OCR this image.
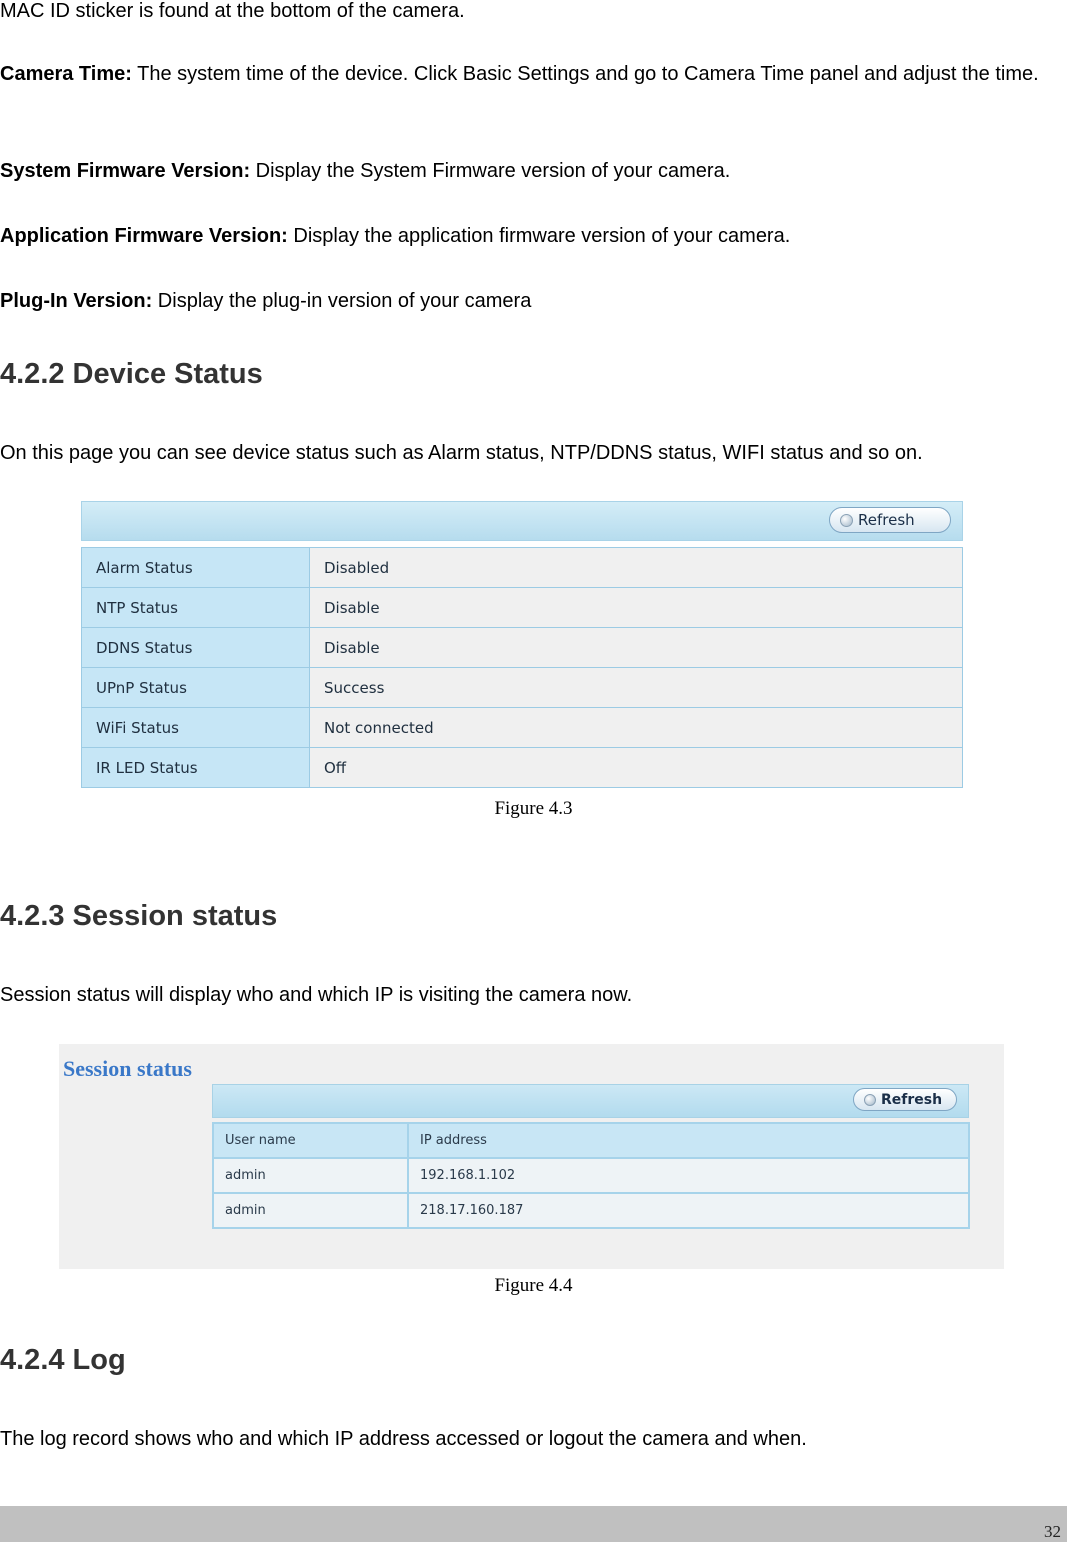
MAC ID sticker is found at the bottom of the camera.

Camera Time: The system time of the device. Click Basic Settings and go to Camera Time panel and adjust the time.

System Firmware Version: Display the System Firmware version of your camera.

Application Firmware Version: Display the application firmware version of your camera.

Plug-In Version: Display the plug-in version of your camera

4.2.2 Device Status

On this page you can see device status such as Alarm status, NTP/DDNS status, WIFI status and so on.

Refresh
Alarm Status	Disabled
NTP Status	Disable
DDNS Status	Disable
UPnP Status	Success
WiFi Status	Not connected
IR LED Status	Off
Figure 4.3
4.2.3 Session status

Session status will display who and which IP is visiting the camera now.

Session status
Refresh
User name	IP address
admin	192.168.1.102
admin	218.17.160.187
Figure 4.4
4.2.4 Log

The log record shows who and which IP address accessed or logout the camera and when.

32
